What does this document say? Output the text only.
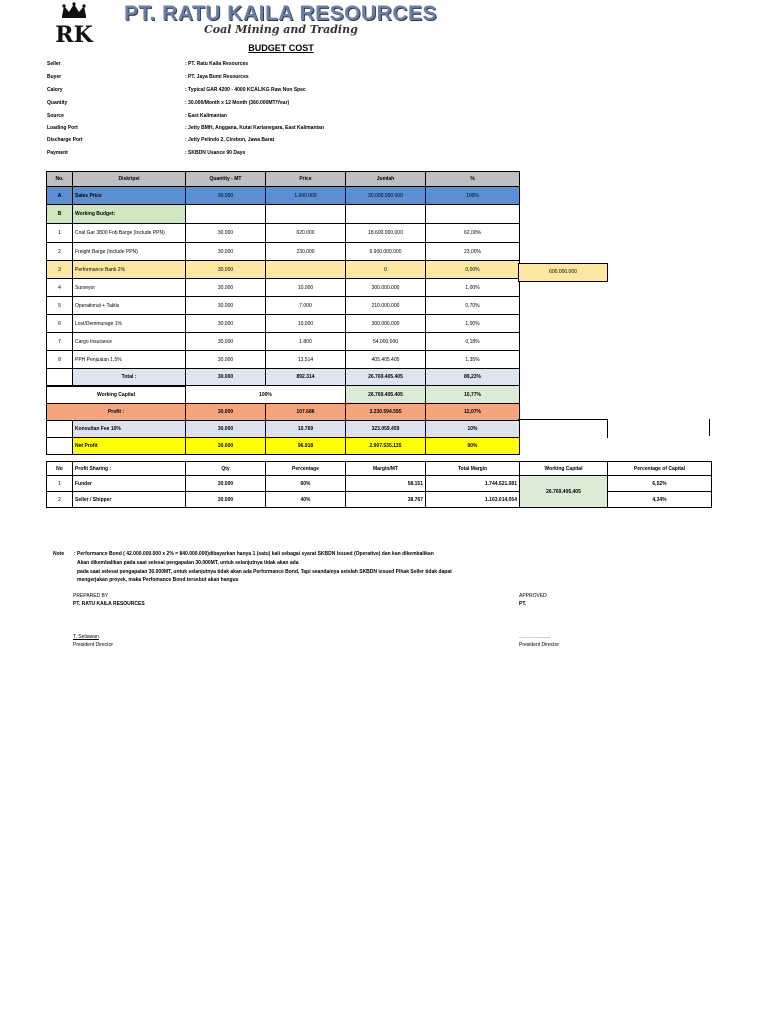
RK
PT. RATU KAILA RESOURCES
Coal Mining and Trading
BUDGET COST
Seller	: PT. Ratu Kaila Resources
Buyer	: PT. Jaya Bumi Resources
Calory	: Typical GAR 4200 - 4000 KCAL/KG Raw Non Spec
Quantity	: 30.000/Month x 12 Month (360.000MT/Year)
Source	: East Kalimantan
Loading Port	: Jetty BMH, Anggana, Kutai Kartanegara, East Kalimantan
Discharge Port	: Jetty Pelindo 2, Cirebon, Jawa Barat
Payment	: SKBDN Usance 90 Days
No.	Diskripsi	Quantity - MT	Price	Jumlah	%
A	Sales Price	30.000	1.000.000	30.000.000.000	100%
B	Working Budget:				
1	Coal Gar 3800 Fob Barge (Include PPN)	30.000	620.000	18.600.000.000	62,00%
2	Freight Barge (Include PPN)	30.000	230.000	6.900.000.000	23,00%
3	Performance Bank 2%	30.000		0	0,00%
4	Surveyor	30.000	10.000	300.000.000	1,00%
5	Operational + Taktis	30.000	7.000	210.000.000	0,70%
6	Lost/Demmurage 1%	30.000	10.000	300.000.000	1,00%
7	Cargo Insurance	30.000	1.800	54.000.000	0,18%
8	PPH Penjualan 1,5%	30.000	13.514	405.405.405	1,35%
	Total :	30.000	892.314	26.769.405.405	89,23%
Working Capital		100%		26.769.405.405	10,77%
Profit :		30.000	107.686	3.230.594.595	12,07%
	Konsultan Fee 10%	30.000	10.769	323.059.459	10%
	Net Profit	30.000	96.918	2.907.535.135	90%
600.000.000
No	Profit Sharing :	Qty	Percentage	Margin/MT	Total Margin	Working Capital	Percentage of Capital
1	Funder	30.000	60%	58.151	1.744.521.081	26.769.405.405	6,52%
2	Seller / Shipper	30.000	40%	38.767	1.163.014.054		4,34%
Note : Performance Bond ( 42.000.000.000 x 2% = 840.000.000)dibayarkan hanya 1 (satu) kali sebagai syarat SKBDN Issued (Operative) dan kan dikembalikan
Akan dikembalikan pada saat selesai pengapalan 30.000MT, untuk selanjutnya tidak akan ada
pada saat selesai pengapalan 30.000MT, untuk selanjutnya tidak akan ada Performance Bond, Tapi seandainya setelah SKBDN issued Pihak Seller tidak dapat
mengerjakan proyek, maka Perfomance Bond tersebut akan hangus
PREPARED BY
PT. RATU KAILA RESOURCES
T. Setiawan
President Director
APPROVED
PT.
……………….
President Director
